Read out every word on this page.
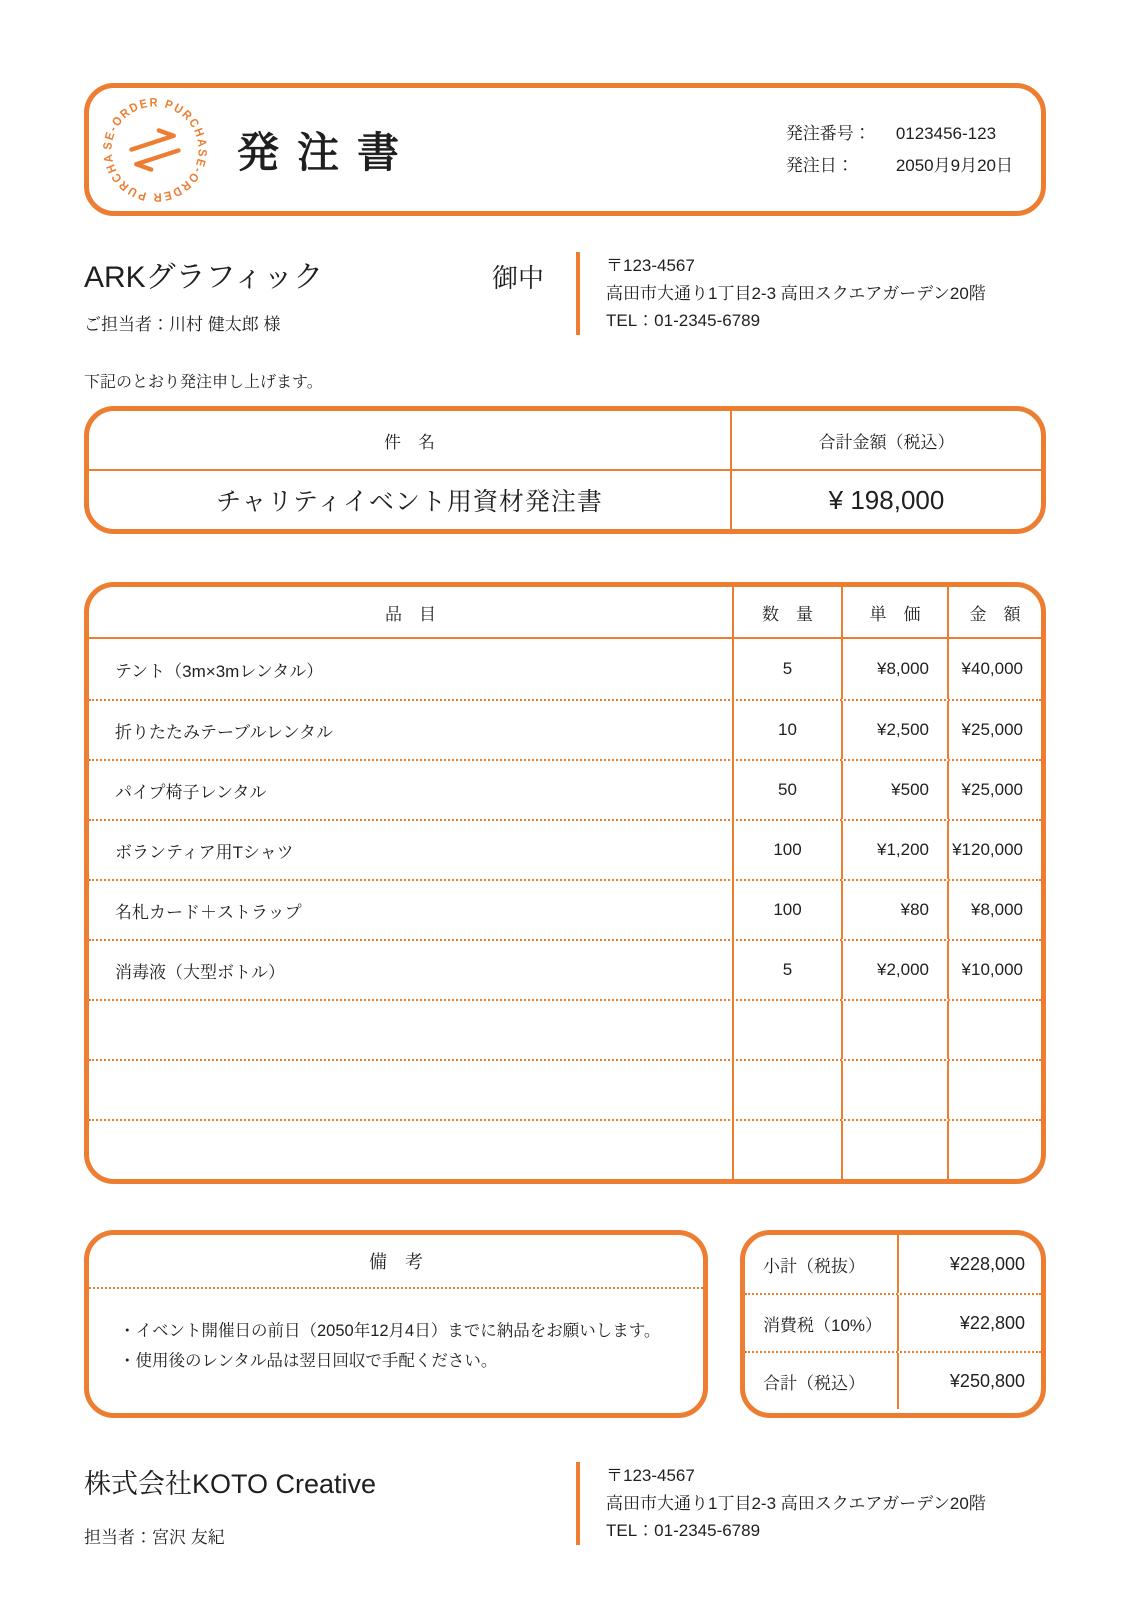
SE-ORDER PURCHASE-ORDER PURCHA	発注書	発注番号： 0123456-123
発注日： 2050月9月20日
ARKグラフィック	御中
ご担当者：川村 健太郎 様
〒123-4567
高田市大通り1丁目2-3 高田スクエアガーデン20階
TEL：01-2345-6789

下記のとおり発注申し上げます。

件　名	合計金額（税込）
チャリティイベント用資材発注書	¥ 198,000
品　目	数　量	単　価	金　額
テント（3m×3mレンタル）	5	¥8,000	¥40,000
折りたたみテーブルレンタル	10	¥2,500	¥25,000
パイプ椅子レンタル	50	¥500	¥25,000
ボランティア用Tシャツ	100	¥1,200	¥120,000
名札カード＋ストラップ	100	¥80	¥8,000
消毒液（大型ボトル）	5	¥2,000	¥10,000
備　考
・イベント開催日の前日（2050年12月4日）までに納品をお願いします。
・使用後のレンタル品は翌日回収で手配ください。
小計（税抜）	¥228,000
消費税（10%）	¥22,800
合計（税込）	¥250,800
株式会社KOTO Creative
担当者：宮沢 友紀
〒123-4567
高田市大通り1丁目2-3 高田スクエアガーデン20階
TEL：01-2345-6789
